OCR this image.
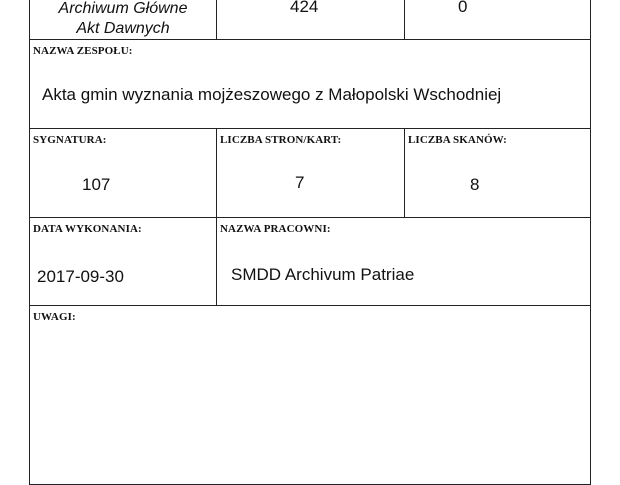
Archiwum Główne
Akt Dawnych
424	0
NAZWA ZESPOŁU:
Akta gmin wyznania mojżeszowego z Małopolski Wschodniej
SYGNATURA:
107
LICZBA STRON/KART:
7
LICZBA SKANÓW:
8
DATA WYKONANIA:
2017-09-30
NAZWA PRACOWNI:
SMDD Archivum Patriae
UWAGI:
